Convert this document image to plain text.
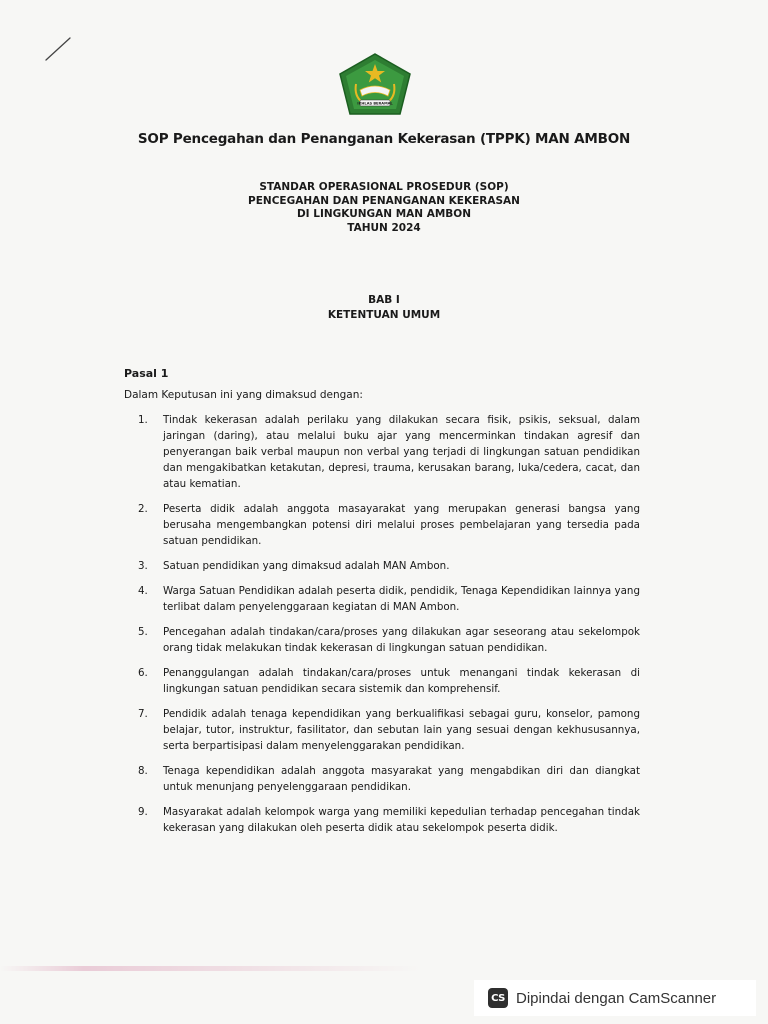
IKHLAS BERAMAL
SOP Pencegahan dan Penanganan Kekerasan (TPPK) MAN AMBON
STANDAR OPERASIONAL PROSEDUR (SOP)
PENCEGAHAN DAN PENANGANAN KEKERASAN
DI LINGKUNGAN MAN AMBON
TAHUN 2024
BAB I
KETENTUAN UMUM
Pasal 1
Dalam Keputusan ini yang dimaksud dengan:
1.	Tindak kekerasan adalah perilaku yang dilakukan secara fisik, psikis, seksual, dalam jaringan (daring), atau melalui buku ajar yang mencerminkan tindakan agresif dan penyerangan baik verbal maupun non verbal yang terjadi di lingkungan satuan pendidikan dan mengakibatkan ketakutan, depresi, trauma, kerusakan barang, luka/cedera, cacat, dan atau kematian.
2.	Peserta didik adalah anggota masayarakat yang merupakan generasi bangsa yang berusaha mengembangkan potensi diri melalui proses pembelajaran yang tersedia pada satuan pendidikan.
3.	Satuan pendidikan yang dimaksud adalah MAN Ambon.
4.	Warga Satuan Pendidikan adalah peserta didik, pendidik, Tenaga Kependidikan lainnya yang terlibat dalam penyelenggaraan kegiatan di MAN Ambon.
5.	Pencegahan adalah tindakan/cara/proses yang dilakukan agar seseorang atau sekelompok orang tidak melakukan tindak kekerasan di lingkungan satuan pendidikan.
6.	Penanggulangan adalah tindakan/cara/proses untuk menangani tindak kekerasan di lingkungan satuan pendidikan secara sistemik dan komprehensif.
7.	Pendidik adalah tenaga kependidikan yang berkualifikasi sebagai guru, konselor, pamong belajar, tutor, instruktur, fasilitator, dan sebutan lain yang sesuai dengan kekhususannya, serta berpartisipasi dalam menyelenggarakan pendidikan.
8.	Tenaga kependidikan adalah anggota masyarakat yang mengabdikan diri dan diangkat untuk menunjang penyelenggaraan pendidikan.
9.	Masyarakat adalah kelompok warga yang memiliki kepedulian terhadap pencegahan tindak kekerasan yang dilakukan oleh peserta didik atau sekelompok peserta didik.
CS Dipindai dengan CamScanner
